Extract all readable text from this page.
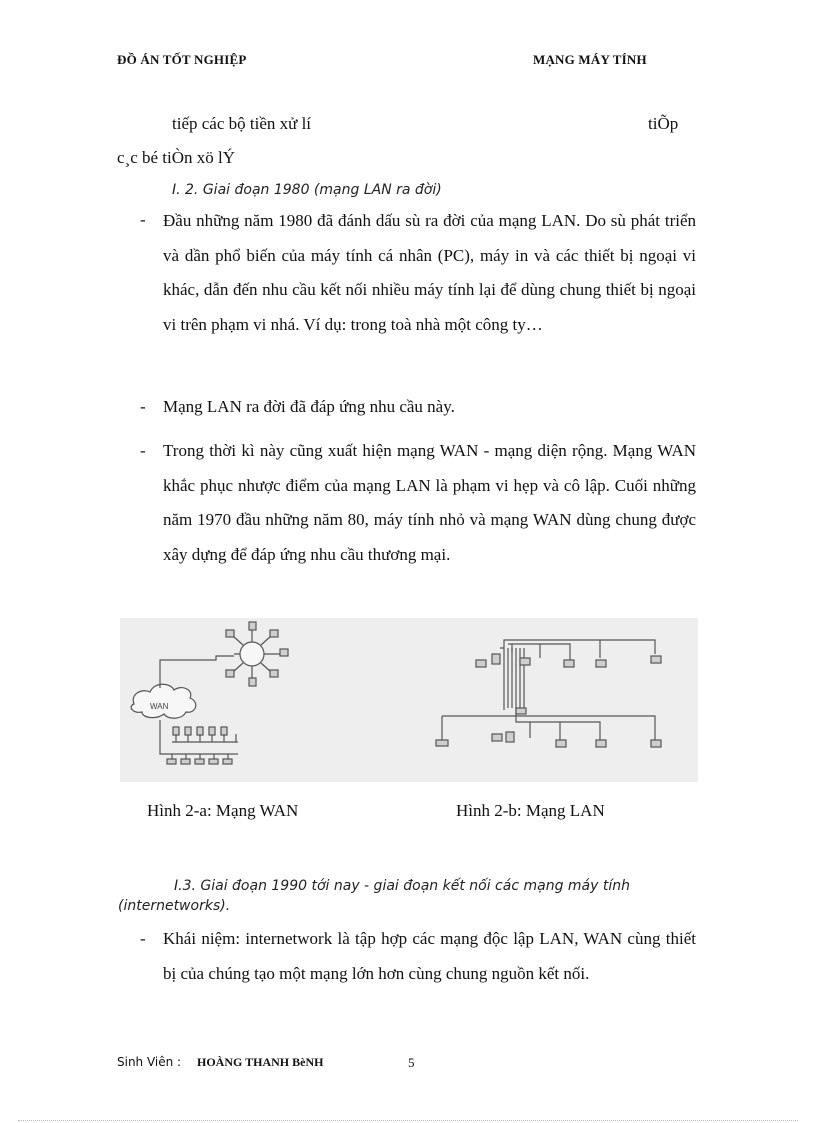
ĐỒ ÁN TỐT NGHIỆP	MẠNG MÁY TÍNH
tiếp các bộ tiền xử lí	tiÕp
c¸c bé tiÒn xö lÝ
I. 2. Giai đoạn 1980 (mạng LAN ra đời)
- Đầu những năm 1980 đã đánh dấu sù ra đời của mạng LAN. Do sù phát triển và dần phổ biến của máy tính cá nhân (PC), máy in và các thiết bị ngoại vi khác, dẫn đến nhu cầu kết nối nhiều máy tính lại để dùng chung thiết bị ngoại vi trên phạm vi nhá. Ví dụ: trong toà nhà một công ty…
- Mạng LAN ra đời đã đáp ứng nhu cầu này.
- Trong thời kì này cũng xuất hiện mạng WAN - mạng diện rộng. Mạng WAN khắc phục nhược điểm của mạng LAN là phạm vi hẹp và cô lập. Cuối những năm 1970 đầu những năm 80, máy tính nhỏ và mạng WAN dùng chung được xây dựng để đáp ứng nhu cầu thương mại.
WAN
Hình 2-a: Mạng WAN	Hình 2-b: Mạng LAN
I.3. Giai đoạn 1990 tới nay - giai đoạn kết nối các mạng máy tính (internetworks).
- Khái niệm: internetwork là tập hợp các mạng độc lập LAN, WAN cùng thiết bị của chúng tạo một mạng lớn hơn cùng chung nguồn kết nối.
Sinh Viên : HOÀNG THANH BèNH	5
